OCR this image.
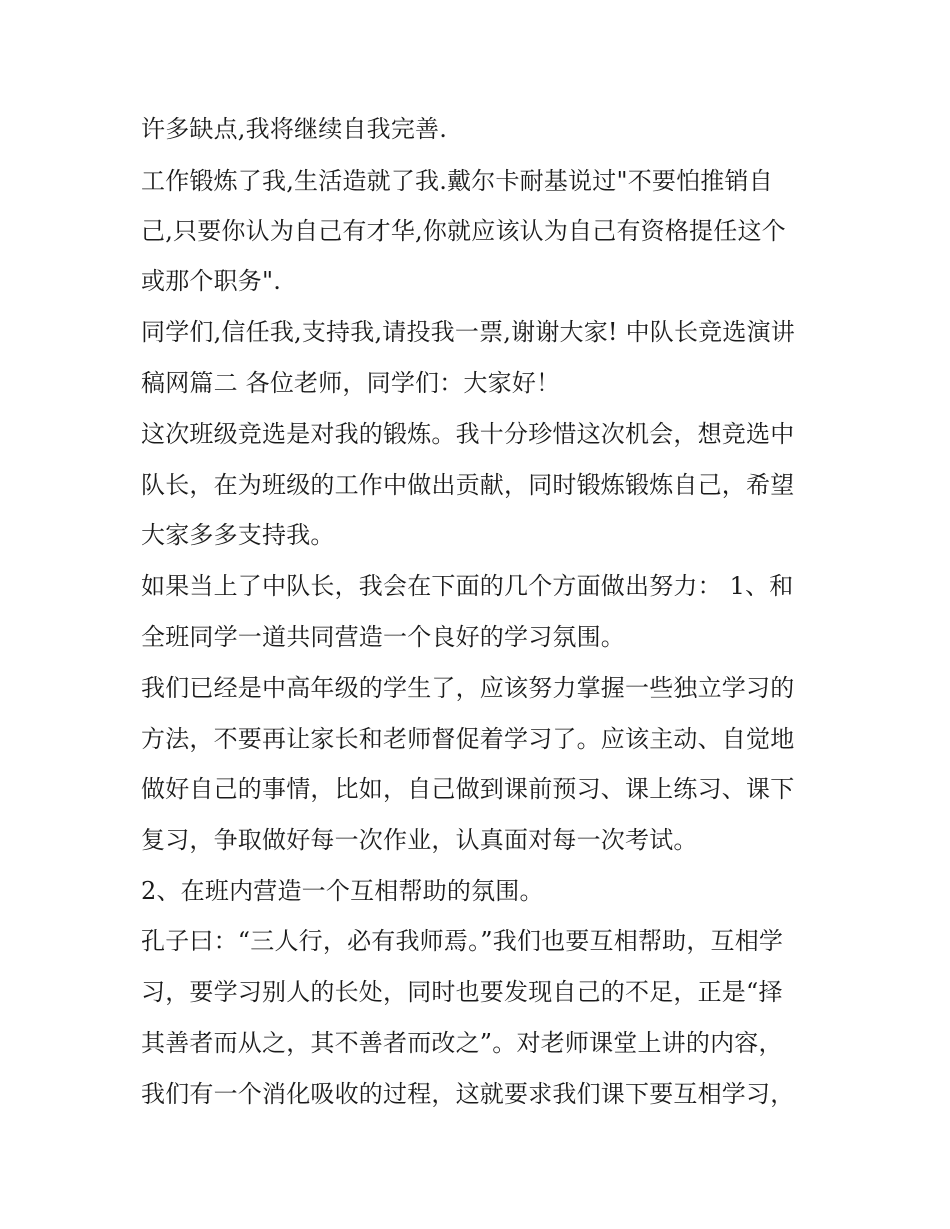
许多缺点,我将继续自我完善.
工作锻炼了我,生活造就了我.戴尔卡耐基说过"不要怕推销自
己,只要你认为自己有才华,你就应该认为自己有资格提任这个
或那个职务".
同学们,信任我,支持我,请投我一票,谢谢大家! 中队长竞选演讲
稿网篇二 各位老师，同学们：大家好！
这次班级竞选是对我的锻炼。我十分珍惜这次机会，想竞选中
队长，在为班级的工作中做出贡献，同时锻炼锻炼自己，希望
大家多多支持我。
如果当上了中队长，我会在下面的几个方面做出努力： 1、和
全班同学一道共同营造一个良好的学习氛围。
我们已经是中高年级的学生了，应该努力掌握一些独立学习的
方法，不要再让家长和老师督促着学习了。应该主动、自觉地
做好自己的事情，比如，自己做到课前预习、课上练习、课下
复习，争取做好每一次作业，认真面对每一次考试。
2、在班内营造一个互相帮助的氛围。
孔子曰：“三人行，必有我师焉。”我们也要互相帮助，互相学
习，要学习别人的长处，同时也要发现自己的不足，正是“择
其善者而从之，其不善者而改之”。对老师课堂上讲的内容，
我们有一个消化吸收的过程，这就要求我们课下要互相学习，
